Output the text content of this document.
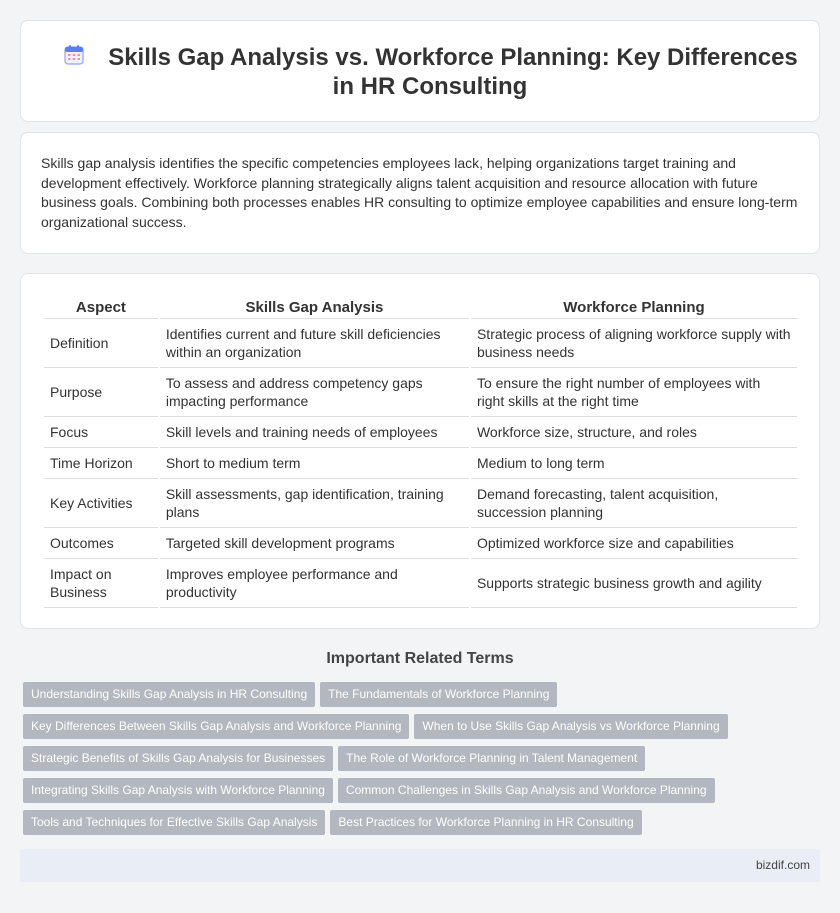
Skills Gap Analysis vs. Workforce Planning: Key Differences in HR Consulting

Skills gap analysis identifies the specific competencies employees lack, helping organizations target training and development effectively. Workforce planning strategically aligns talent acquisition and resource allocation with future business goals. Combining both processes enables HR consulting to optimize employee capabilities and ensure long-term organizational success.

Aspect	Skills Gap Analysis	Workforce Planning
Definition	Identifies current and future skill deficiencies within an organization	Strategic process of aligning workforce supply with business needs
Purpose	To assess and address competency gaps impacting performance	To ensure the right number of employees with right skills at the right time
Focus	Skill levels and training needs of employees	Workforce size, structure, and roles
Time Horizon	Short to medium term	Medium to long term
Key Activities	Skill assessments, gap identification, training plans	Demand forecasting, talent acquisition, succession planning
Outcomes	Targeted skill development programs	Optimized workforce size and capabilities
Impact on Business	Improves employee performance and productivity	Supports strategic business growth and agility
Important Related Terms
Understanding Skills Gap Analysis in HR Consulting The Fundamentals of Workforce Planning
Key Differences Between Skills Gap Analysis and Workforce Planning When to Use Skills Gap Analysis vs Workforce Planning
Strategic Benefits of Skills Gap Analysis for Businesses The Role of Workforce Planning in Talent Management
Integrating Skills Gap Analysis with Workforce Planning Common Challenges in Skills Gap Analysis and Workforce Planning
Tools and Techniques for Effective Skills Gap Analysis Best Practices for Workforce Planning in HR Consulting
bizdif.com
